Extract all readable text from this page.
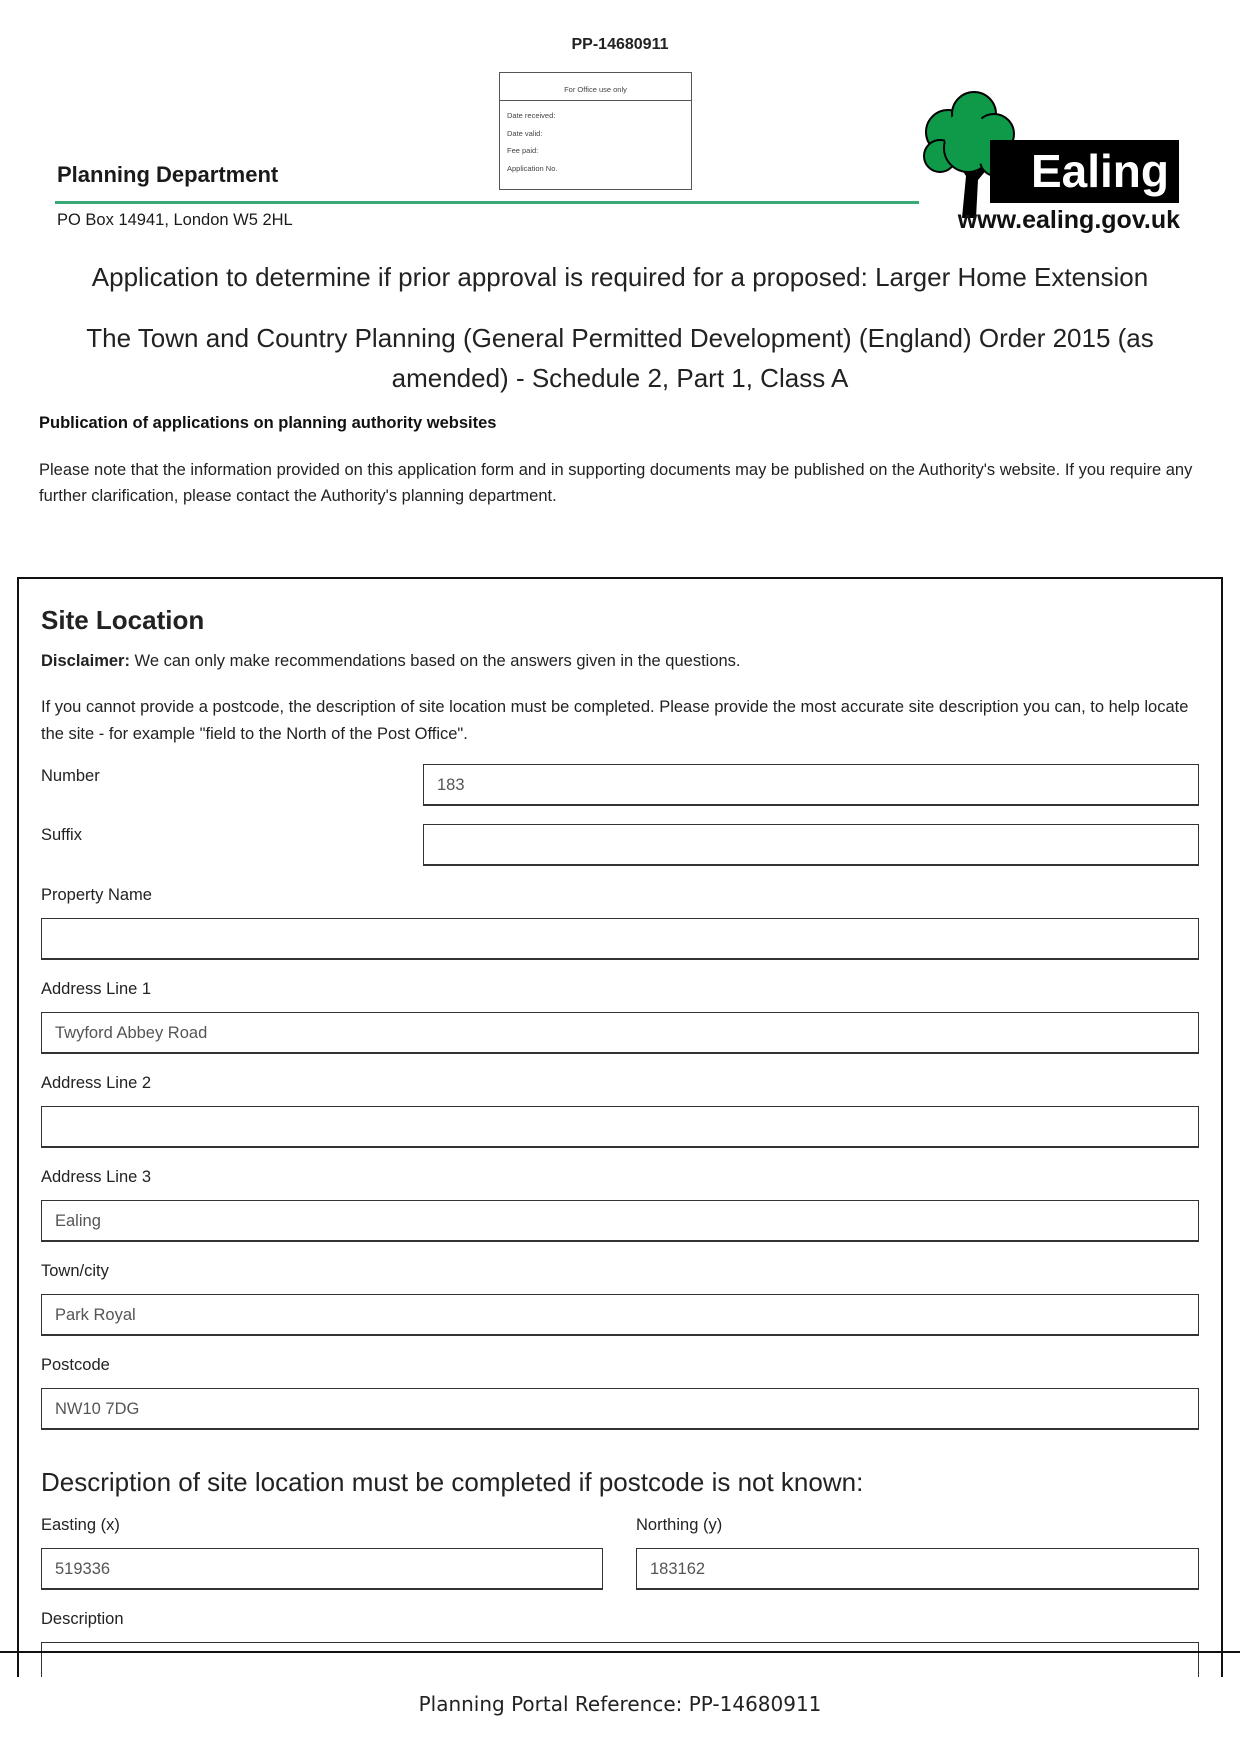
PP-14680911
For Office use only
Date received:
Date valid:
Fee paid:
Application No.
Planning Department
PO Box 14941, London W5 2HL
Ealing
www.ealing.gov.uk
Application to determine if prior approval is required for a proposed: Larger Home Extension
The Town and Country Planning (General Permitted Development) (England) Order 2015 (as amended) - Schedule 2, Part 1, Class A
Publication of applications on planning authority websites
Please note that the information provided on this application form and in supporting documents may be published on the Authority's website. If you require any further clarification, please contact the Authority's planning department.
Site Location
Disclaimer: We can only make recommendations based on the answers given in the questions.
If you cannot provide a postcode, the description of site location must be completed. Please provide the most accurate site description you can, to help locate the site - for example "field to the North of the Post Office".
Number	183
Suffix
Property Name
Address Line 1
Twyford Abbey Road
Address Line 2
Address Line 3
Ealing
Town/city
Park Royal
Postcode
NW10 7DG
Description of site location must be completed if postcode is not known:
Easting (x)
519336
Northing (y)
183162
Description
Planning Portal Reference: PP-14680911
